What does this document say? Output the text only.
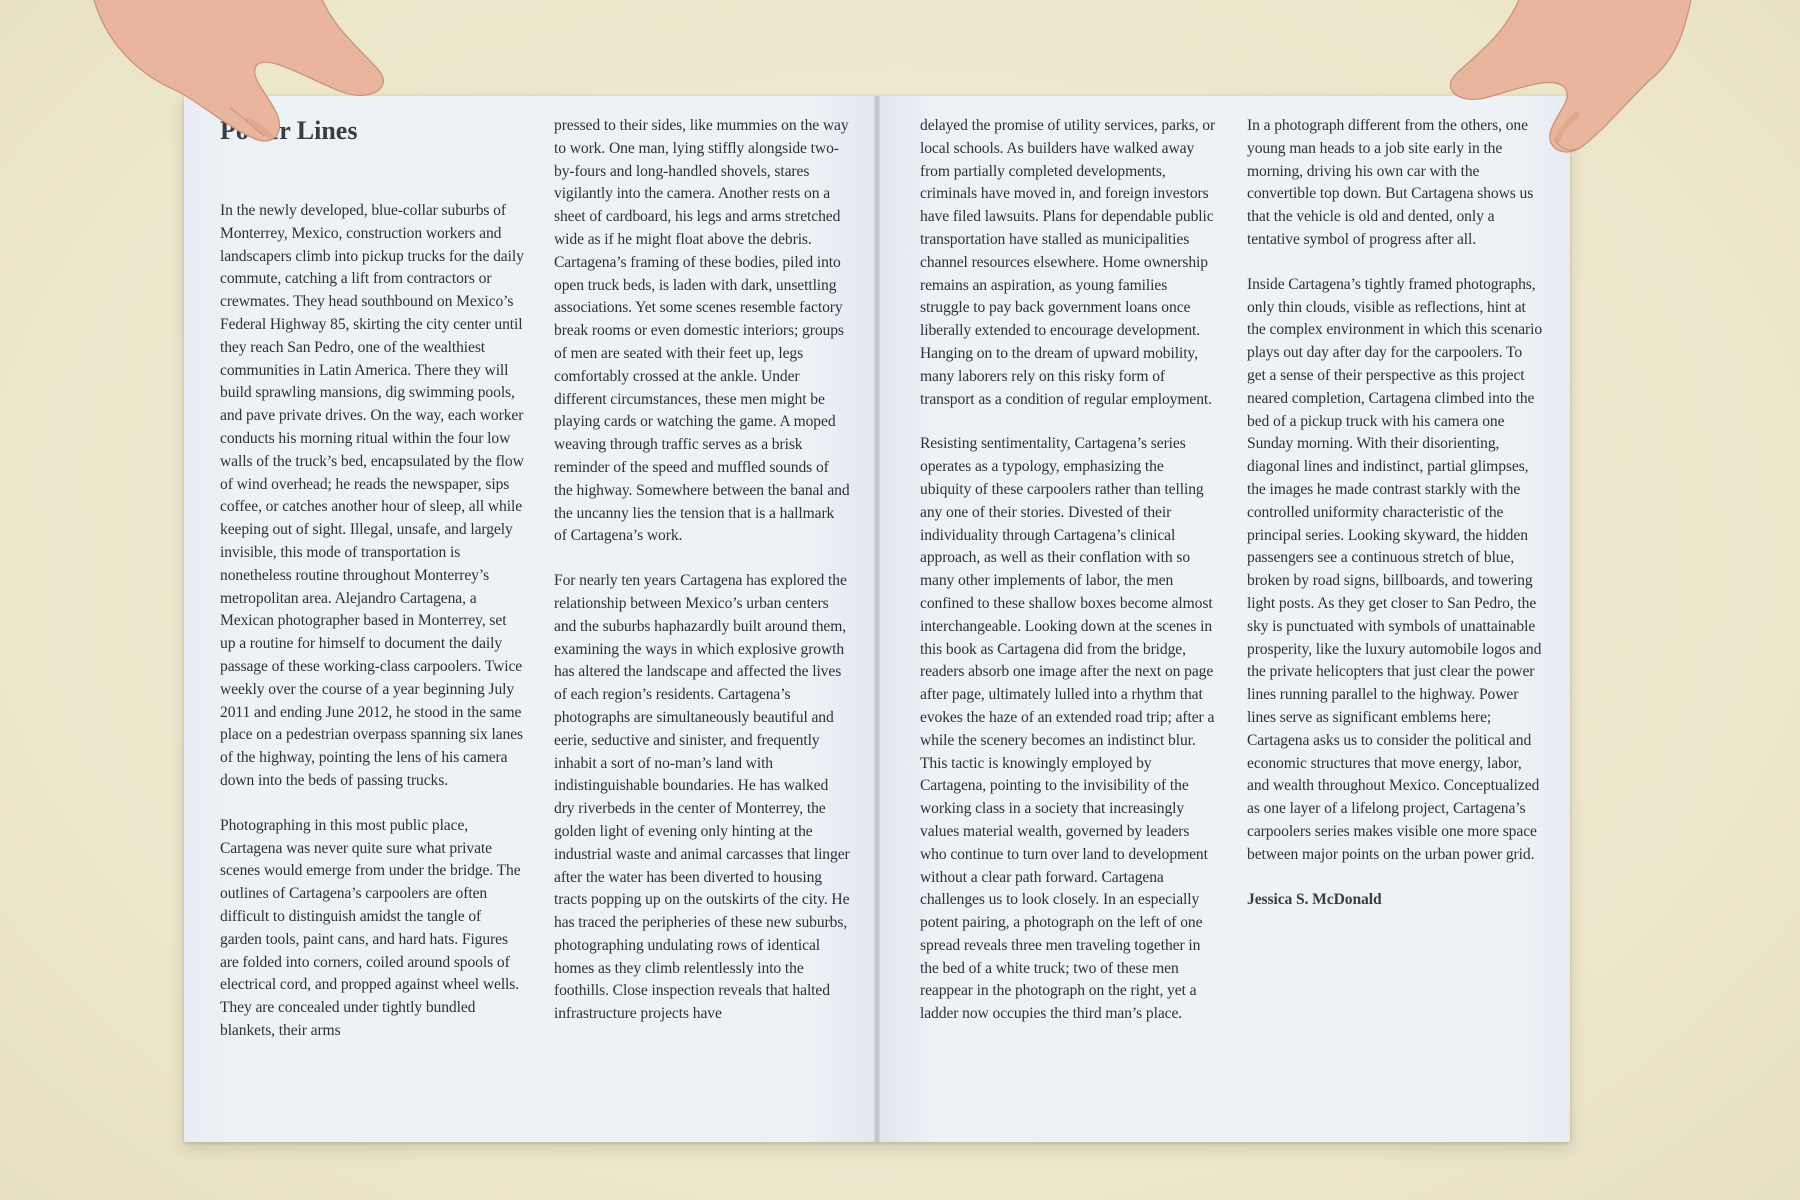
Power Lines

In the newly developed, blue-collar suburbs of Monterrey, Mexico, construction workers and landscapers climb into pickup trucks for the daily commute, catching a lift from contractors or crewmates. They head southbound on Mexico’s Federal Highway 85, skirting the city center until they reach San Pedro, one of the wealthiest communities in Latin America. There they will build sprawling mansions, dig swimming pools, and pave private drives. On the way, each worker conducts his morning ritual within the four low walls of the truck’s bed, encapsulated by the flow of wind overhead; he reads the newspaper, sips coffee, or catches another hour of sleep, all while keeping out of sight. Illegal, unsafe, and largely invisible, this mode of transportation is nonetheless routine throughout Monterrey’s metropolitan area. Alejandro Cartagena, a Mexican photographer based in Monterrey, set up a routine for himself to document the daily passage of these working-class carpoolers. Twice weekly over the course of a year beginning July 2011 and ending June 2012, he stood in the same place on a pedestrian overpass spanning six lanes of the highway, pointing the lens of his camera down into the beds of passing trucks.

Photographing in this most public place, Cartagena was never quite sure what private scenes would emerge from under the bridge. The outlines of Cartagena’s carpoolers are often difficult to distinguish amidst the tangle of garden tools, paint cans, and hard hats. Figures are folded into corners, coiled around spools of electrical cord, and propped against wheel wells. They are concealed under tightly bundled blankets, their arms

pressed to their sides, like mummies on the way to work. One man, lying stiffly alongside two-by-fours and long-handled shovels, stares vigilantly into the camera. Another rests on a sheet of cardboard, his legs and arms stretched wide as if he might float above the debris. Cartagena’s framing of these bodies, piled into open truck beds, is laden with dark, unsettling associations. Yet some scenes resemble factory break rooms or even domestic interiors; groups of men are seated with their feet up, legs comfortably crossed at the ankle. Under different circumstances, these men might be playing cards or watching the game. A moped weaving through traffic serves as a brisk reminder of the speed and muffled sounds of the highway. Somewhere between the banal and the uncanny lies the tension that is a hallmark of Cartagena’s work.

For nearly ten years Cartagena has explored the relationship between Mexico’s urban centers and the suburbs haphazardly built around them, examining the ways in which explosive growth has altered the landscape and affected the lives of each region’s residents. Cartagena’s photographs are simultaneously beautiful and eerie, seductive and sinister, and frequently inhabit a sort of no-man’s land with indistinguishable boundaries. He has walked dry riverbeds in the center of Monterrey, the golden light of evening only hinting at the industrial waste and animal carcasses that linger after the water has been diverted to housing tracts popping up on the outskirts of the city. He has traced the peripheries of these new suburbs, photographing undulating rows of identical homes as they climb relentlessly into the foothills. Close inspection reveals that halted infrastructure projects have

delayed the promise of utility services, parks, or local schools. As builders have walked away from partially completed developments, criminals have moved in, and foreign investors have filed lawsuits. Plans for dependable public transportation have stalled as municipalities channel resources elsewhere. Home ownership remains an aspiration, as young families struggle to pay back government loans once liberally extended to encourage development. Hanging on to the dream of upward mobility, many laborers rely on this risky form of transport as a condition of regular employment.

Resisting sentimentality, Cartagena’s series operates as a typology, emphasizing the ubiquity of these carpoolers rather than telling any one of their stories. Divested of their individuality through Cartagena’s clinical approach, as well as their conflation with so many other implements of labor, the men confined to these shallow boxes become almost interchangeable. Looking down at the scenes in this book as Cartagena did from the bridge, readers absorb one image after the next on page after page, ultimately lulled into a rhythm that evokes the haze of an extended road trip; after a while the scenery becomes an indistinct blur. This tactic is knowingly employed by Cartagena, pointing to the invisibility of the working class in a society that increasingly values material wealth, governed by leaders who continue to turn over land to development without a clear path forward. Cartagena challenges us to look closely. In an especially potent pairing, a photograph on the left of one spread reveals three men traveling together in the bed of a white truck; two of these men reappear in the photograph on the right, yet a ladder now occupies the third man’s place.

In a photograph different from the others, one young man heads to a job site early in the morning, driving his own car with the convertible top down. But Cartagena shows us that the vehicle is old and dented, only a tentative symbol of progress after all.

Inside Cartagena’s tightly framed photographs, only thin clouds, visible as reflections, hint at the complex environment in which this scenario plays out day after day for the carpoolers. To get a sense of their perspective as this project neared completion, Cartagena climbed into the bed of a pickup truck with his camera one Sunday morning. With their disorienting, diagonal lines and indistinct, partial glimpses, the images he made contrast starkly with the controlled uniformity characteristic of the principal series. Looking skyward, the hidden passengers see a continuous stretch of blue, broken by road signs, billboards, and towering light posts. As they get closer to San Pedro, the sky is punctuated with symbols of unattainable prosperity, like the luxury automobile logos and the private helicopters that just clear the power lines running parallel to the highway. Power lines serve as significant emblems here; Cartagena asks us to consider the political and economic structures that move energy, labor, and wealth throughout Mexico. Conceptualized as one layer of a lifelong project, Cartagena’s carpoolers series makes visible one more space between major points on the urban power grid.

Jessica S. McDonald
